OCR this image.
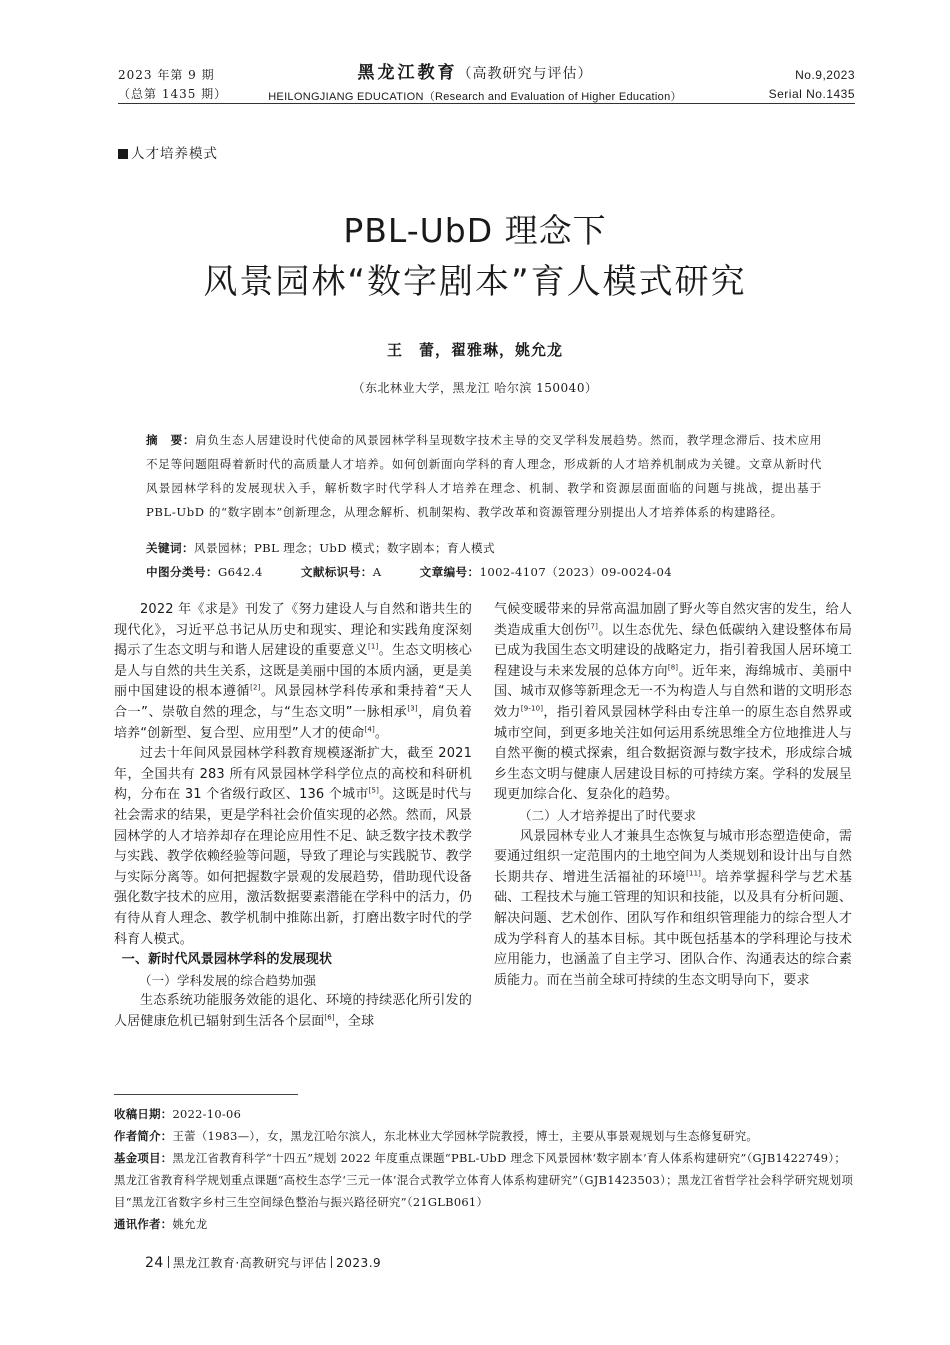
2023 年第 9 期
（总第 1435 期）
黑龙江教育（高教研究与评估）
HEILONGJIANG EDUCATION（Research and Evaluation of Higher Education）
No.9,2023
Serial No.1435
人才培养模式
PBL-UbD 理念下
风景园林“数字剧本”育人模式研究
王　蕾，翟雅琳，姚允龙
（东北林业大学，黑龙江 哈尔滨 150040）
摘　要：肩负生态人居建设时代使命的风景园林学科呈现数字技术主导的交叉学科发展趋势。然而，教学理念滞后、技术应用不足等问题阻碍着新时代的高质量人才培养。如何创新面向学科的育人理念，形成新的人才培养机制成为关键。文章从新时代风景园林学科的发展现状入手，解析数字时代学科人才培养在理念、机制、教学和资源层面面临的问题与挑战，提出基于 PBL-UbD 的“数字剧本”创新理念，从理念解析、机制架构、教学改革和资源管理分别提出人才培养体系的构建路径。
关键词：风景园林；PBL 理念；UbD 模式；数字剧本；育人模式
中图分类号：G642.4	文献标识号：A	文章编号：1002-4107（2023）09-0024-04

2022 年《求是》刊发了《努力建设人与自然和谐共生的现代化》，习近平总书记从历史和现实、理论和实践角度深刻揭示了生态文明与和谐人居建设的重要意义[1]。生态文明核心是人与自然的共生关系，这既是美丽中国的本质内涵，更是美丽中国建设的根本遵循[2]。风景园林学科传承和秉持着“天人合一”、崇敬自然的理念，与“生态文明”一脉相承[3]，肩负着培养“创新型、复合型、应用型”人才的使命[4]。

过去十年间风景园林学科教育规模逐渐扩大，截至 2021 年，全国共有 283 所有风景园林学科学位点的高校和科研机构，分布在 31 个省级行政区、136 个城市[5]。这既是时代与社会需求的结果，更是学科社会价值实现的必然。然而，风景园林学的人才培养却存在理论应用性不足、缺乏数字技术教学与实践、教学依赖经验等问题，导致了理论与实践脱节、教学与实际分离等。如何把握数字景观的发展趋势，借助现代设备强化数字技术的应用，激活数据要素潜能在学科中的活力，仍有待从育人理念、教学机制中推陈出新，打磨出数字时代的学科育人模式。

一、新时代风景园林学科的发展现状
（一）学科发展的综合趋势加强

生态系统功能服务效能的退化、环境的持续恶化所引发的人居健康危机已辐射到生活各个层面[6]，全球

气候变暖带来的异常高温加剧了野火等自然灾害的发生，给人类造成重大创伤[7]。以生态优先、绿色低碳纳入建设整体布局已成为我国生态文明建设的战略定力，指引着我国人居环境工程建设与未来发展的总体方向[8]。近年来，海绵城市、美丽中国、城市双修等新理念无一不为构造人与自然和谐的文明形态效力[9-10]，指引着风景园林学科由专注单一的原生态自然界或城市空间，到更多地关注如何运用系统思维全方位地推进人与自然平衡的模式探索，组合数据资源与数字技术，形成综合城乡生态文明与健康人居建设目标的可持续方案。学科的发展呈现更加综合化、复杂化的趋势。

（二）人才培养提出了时代要求

风景园林专业人才兼具生态恢复与城市形态塑造使命，需要通过组织一定范围内的土地空间为人类规划和设计出与自然长期共存、增进生活福祉的环境[11]。培养掌握科学与艺术基础、工程技术与施工管理的知识和技能，以及具有分析问题、解决问题、艺术创作、团队写作和组织管理能力的综合型人才成为学科育人的基本目标。其中既包括基本的学科理论与技术应用能力，也涵盖了自主学习、团队合作、沟通表达的综合素质能力。而在当前全球可持续的生态文明导向下，要求

收稿日期：2022-10-06
作者简介：王蕾（1983—），女，黑龙江哈尔滨人，东北林业大学园林学院教授，博士，主要从事景观规划与生态修复研究。
基金项目：黑龙江省教育科学“十四五”规划 2022 年度重点课题“PBL-UbD 理念下风景园林‘数字剧本’育人体系构建研究”（GJB1422749）；黑龙江省教育科学规划重点课题“高校生态学‘三元一体’混合式教学立体育人体系构建研究”（GJB1423503）；黑龙江省哲学社会科学研究规划项目“黑龙江省数字乡村三生空间绿色整治与振兴路径研究”（21GLB061）
通讯作者：姚允龙
24 黑龙江教育·高教研究与评估 2023.9
